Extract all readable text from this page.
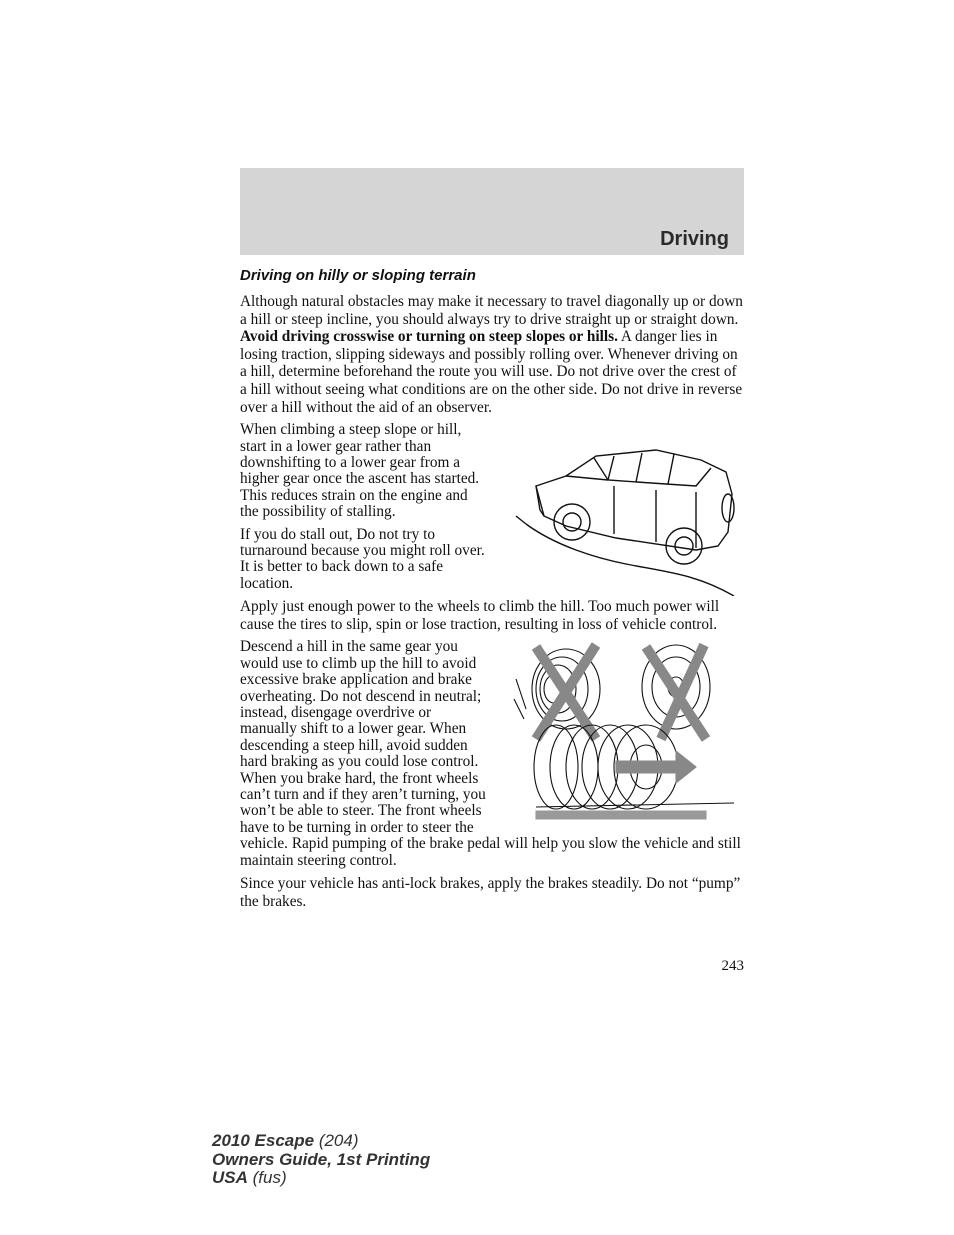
Driving
Driving on hilly or sloping terrain

Although natural obstacles may make it necessary to travel diagonally up or down a hill or steep incline, you should always try to drive straight up or straight down. Avoid driving crosswise or turning on steep slopes or hills. A danger lies in losing traction, slipping sideways and possibly rolling over. Whenever driving on a hill, determine beforehand the route you will use. Do not drive over the crest of a hill without seeing what conditions are on the other side. Do not drive in reverse over a hill without the aid of an observer.

When climbing a steep slope or hill, start in a lower gear rather than downshifting to a lower gear from a higher gear once the ascent has started. This reduces strain on the engine and the possibility of stalling.

If you do stall out, Do not try to turnaround because you might roll over. It is better to back down to a safe location.

Apply just enough power to the wheels to climb the hill. Too much power will cause the tires to slip, spin or lose traction, resulting in loss of vehicle control.

Descend a hill in the same gear you would use to climb up the hill to avoid excessive brake application and brake overheating. Do not descend in neutral; instead, disengage overdrive or manually shift to a lower gear. When descending a steep hill, avoid sudden hard braking as you could lose control. When you brake hard, the front wheels can’t turn and if they aren’t turning, you won’t be able to steer. The front wheels have to be turning in order to steer the vehicle. Rapid pumping of the brake pedal will help you slow the vehicle and still maintain steering control.

Since your vehicle has anti-lock brakes, apply the brakes steadily. Do not “pump” the brakes.

243
2010 Escape (204)
Owners Guide, 1st Printing
USA (fus)
